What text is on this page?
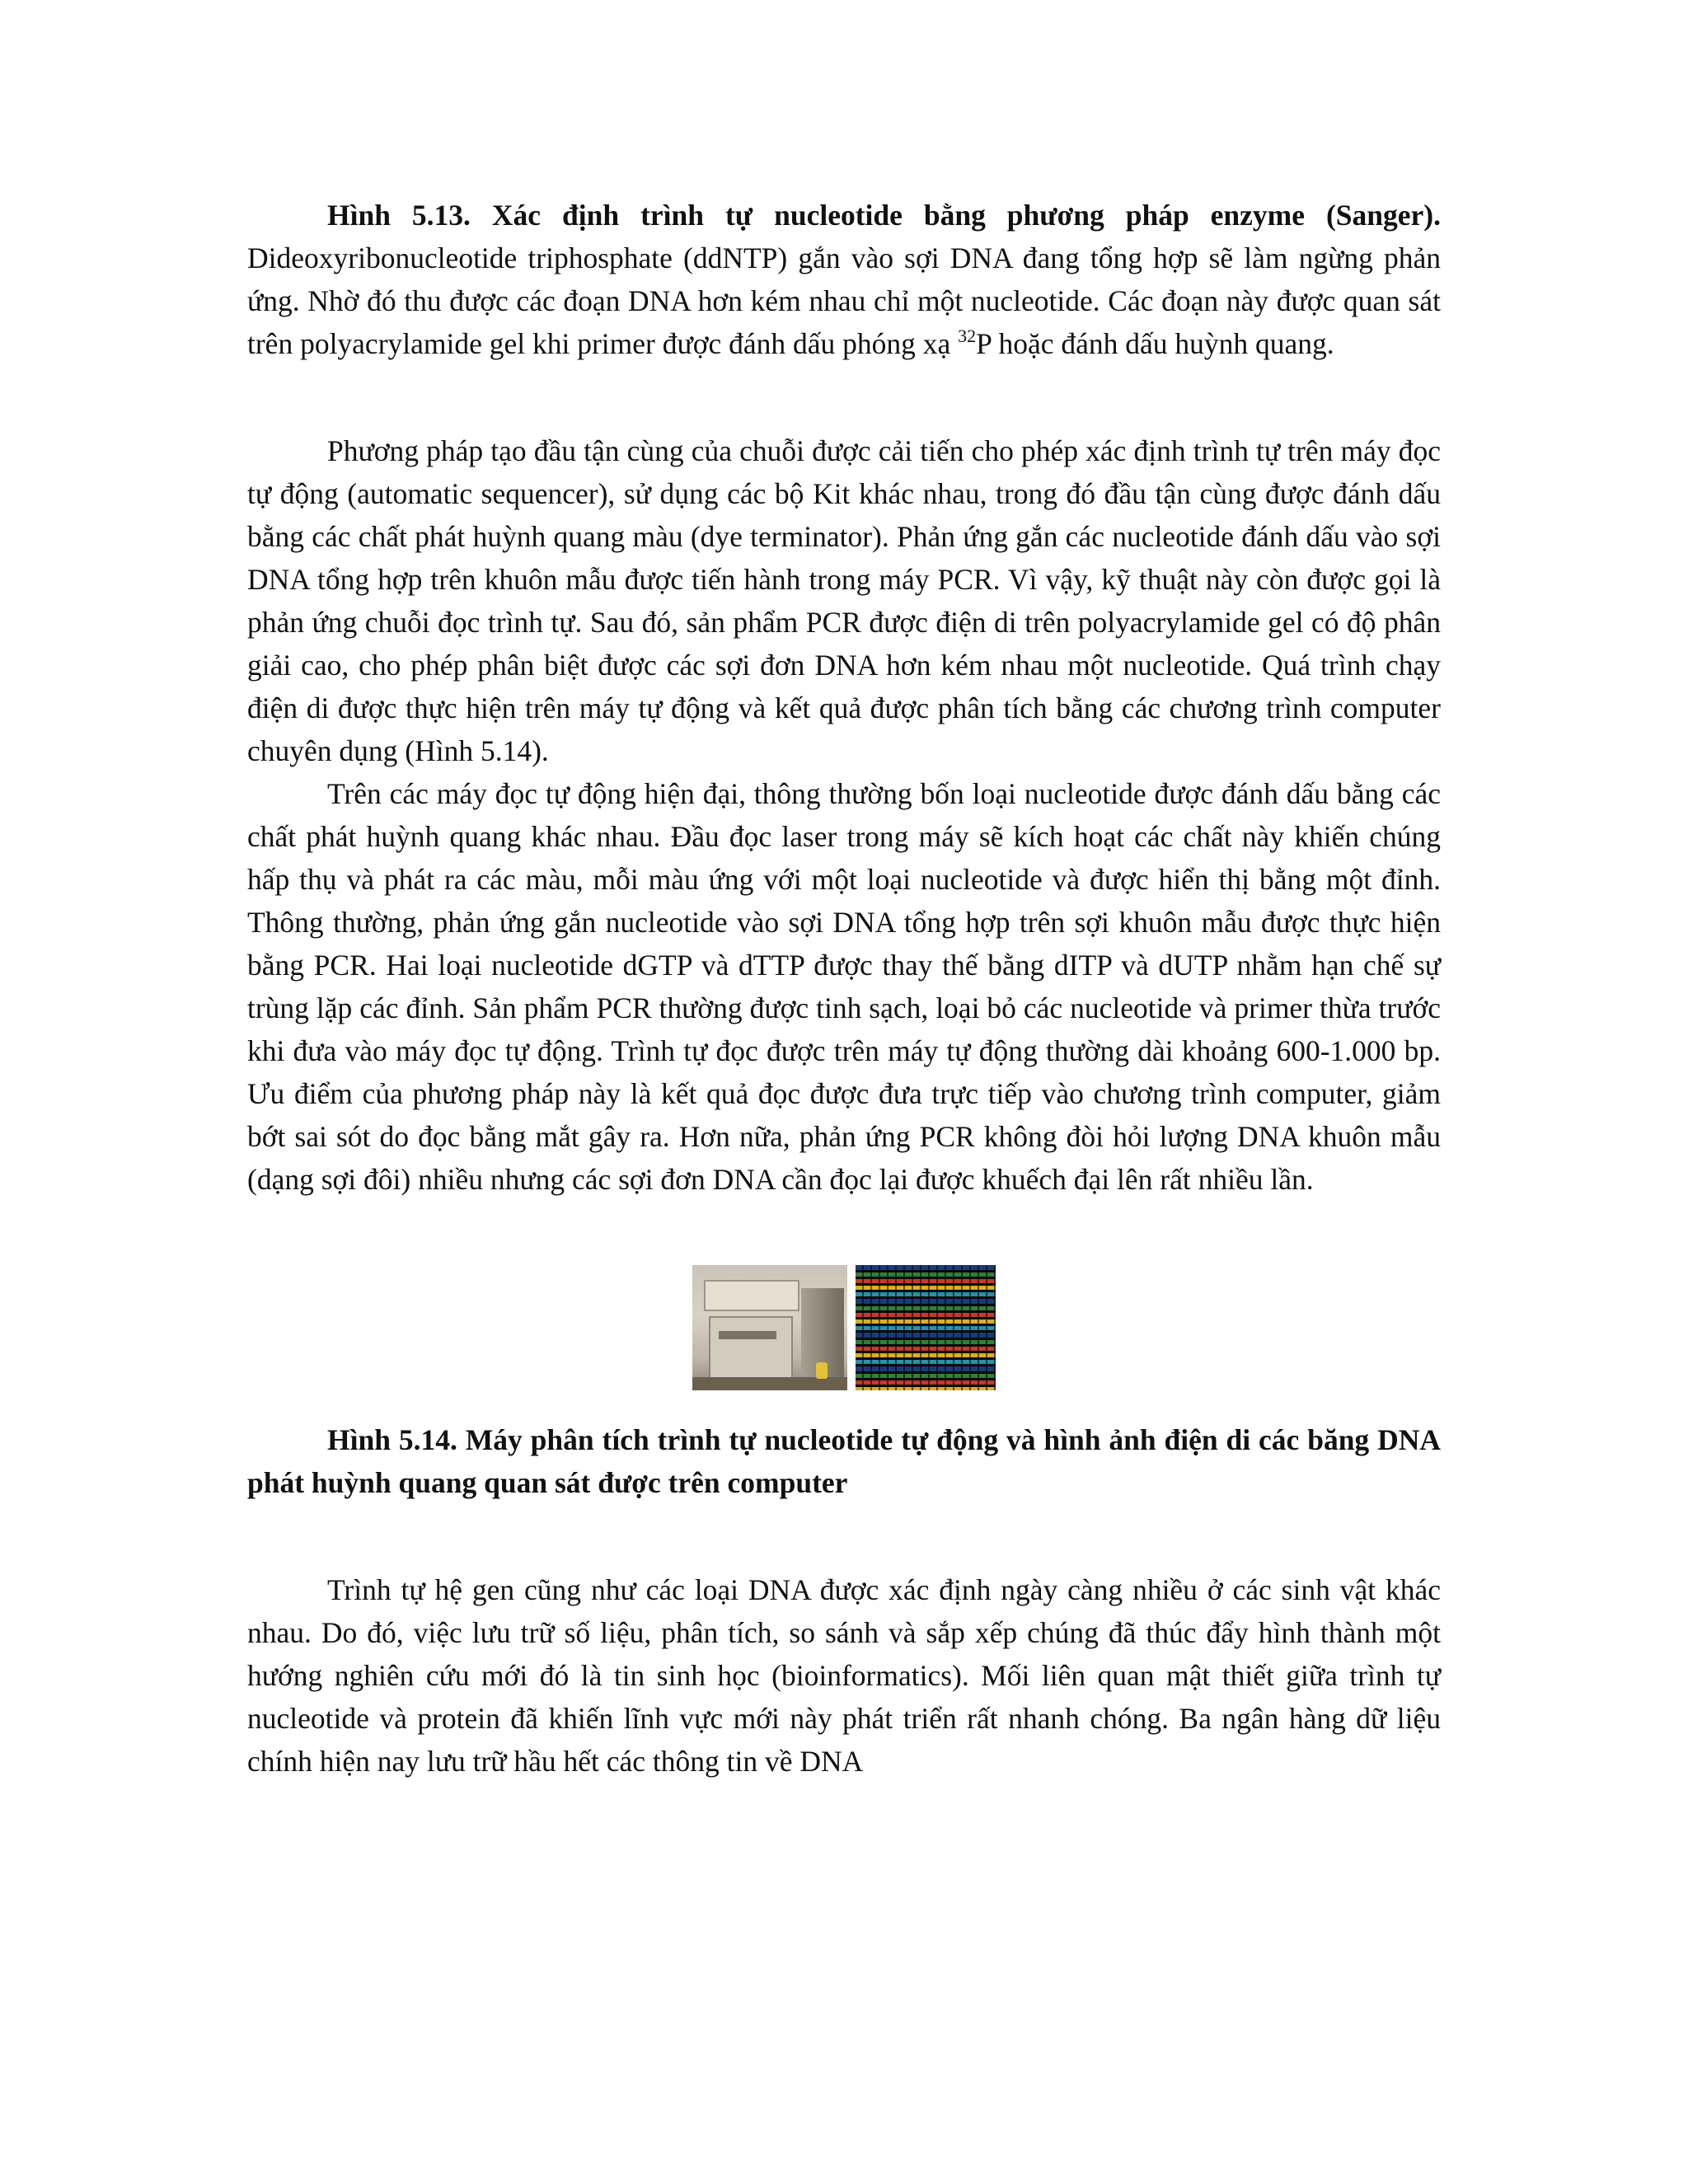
Hình 5.13. Xác định trình tự nucleotide bằng phương pháp enzyme (Sanger). Dideoxyribonucleotide triphosphate (ddNTP) gắn vào sợi DNA đang tổng hợp sẽ làm ngừng phản ứng. Nhờ đó thu được các đoạn DNA hơn kém nhau chỉ một nucleotide. Các đoạn này được quan sát trên polyacrylamide gel khi primer được đánh dấu phóng xạ $^{32}$P hoặc đánh dấu huỳnh quang.

Phương pháp tạo đầu tận cùng của chuỗi được cải tiến cho phép xác định trình tự trên máy đọc tự động (automatic sequencer), sử dụng các bộ Kit khác nhau, trong đó đầu tận cùng được đánh dấu bằng các chất phát huỳnh quang màu (dye terminator). Phản ứng gắn các nucleotide đánh dấu vào sợi DNA tổng hợp trên khuôn mẫu được tiến hành trong máy PCR. Vì vậy, kỹ thuật này còn được gọi là phản ứng chuỗi đọc trình tự. Sau đó, sản phẩm PCR được điện di trên polyacrylamide gel có độ phân giải cao, cho phép phân biệt được các sợi đơn DNA hơn kém nhau một nucleotide. Quá trình chạy điện di được thực hiện trên máy tự động và kết quả được phân tích bằng các chương trình computer chuyên dụng (Hình 5.14).

Trên các máy đọc tự động hiện đại, thông thường bốn loại nucleotide được đánh dấu bằng các chất phát huỳnh quang khác nhau. Đầu đọc laser trong máy sẽ kích hoạt các chất này khiến chúng hấp thụ và phát ra các màu, mỗi màu ứng với một loại nucleotide và được hiển thị bằng một đỉnh. Thông thường, phản ứng gắn nucleotide vào sợi DNA tổng hợp trên sợi khuôn mẫu được thực hiện bằng PCR. Hai loại nucleotide dGTP và dTTP được thay thế bằng dITP và dUTP nhằm hạn chế sự trùng lặp các đỉnh. Sản phẩm PCR thường được tinh sạch, loại bỏ các nucleotide và primer thừa trước khi đưa vào máy đọc tự động. Trình tự đọc được trên máy tự động thường dài khoảng 600-1.000 bp. Ưu điểm của phương pháp này là kết quả đọc được đưa trực tiếp vào chương trình computer, giảm bớt sai sót do đọc bằng mắt gây ra. Hơn nữa, phản ứng PCR không đòi hỏi lượng DNA khuôn mẫu (dạng sợi đôi) nhiều nhưng các sợi đơn DNA cần đọc lại được khuếch đại lên rất nhiều lần.

Hình 5.14. Máy phân tích trình tự nucleotide tự động và hình ảnh điện di các băng DNA phát huỳnh quang quan sát được trên computer

Trình tự hệ gen cũng như các loại DNA được xác định ngày càng nhiều ở các sinh vật khác nhau. Do đó, việc lưu trữ số liệu, phân tích, so sánh và sắp xếp chúng đã thúc đẩy hình thành một hướng nghiên cứu mới đó là tin sinh học (bioinformatics). Mối liên quan mật thiết giữa trình tự nucleotide và protein đã khiến lĩnh vực mới này phát triển rất nhanh chóng. Ba ngân hàng dữ liệu chính hiện nay lưu trữ hầu hết các thông tin về DNA
